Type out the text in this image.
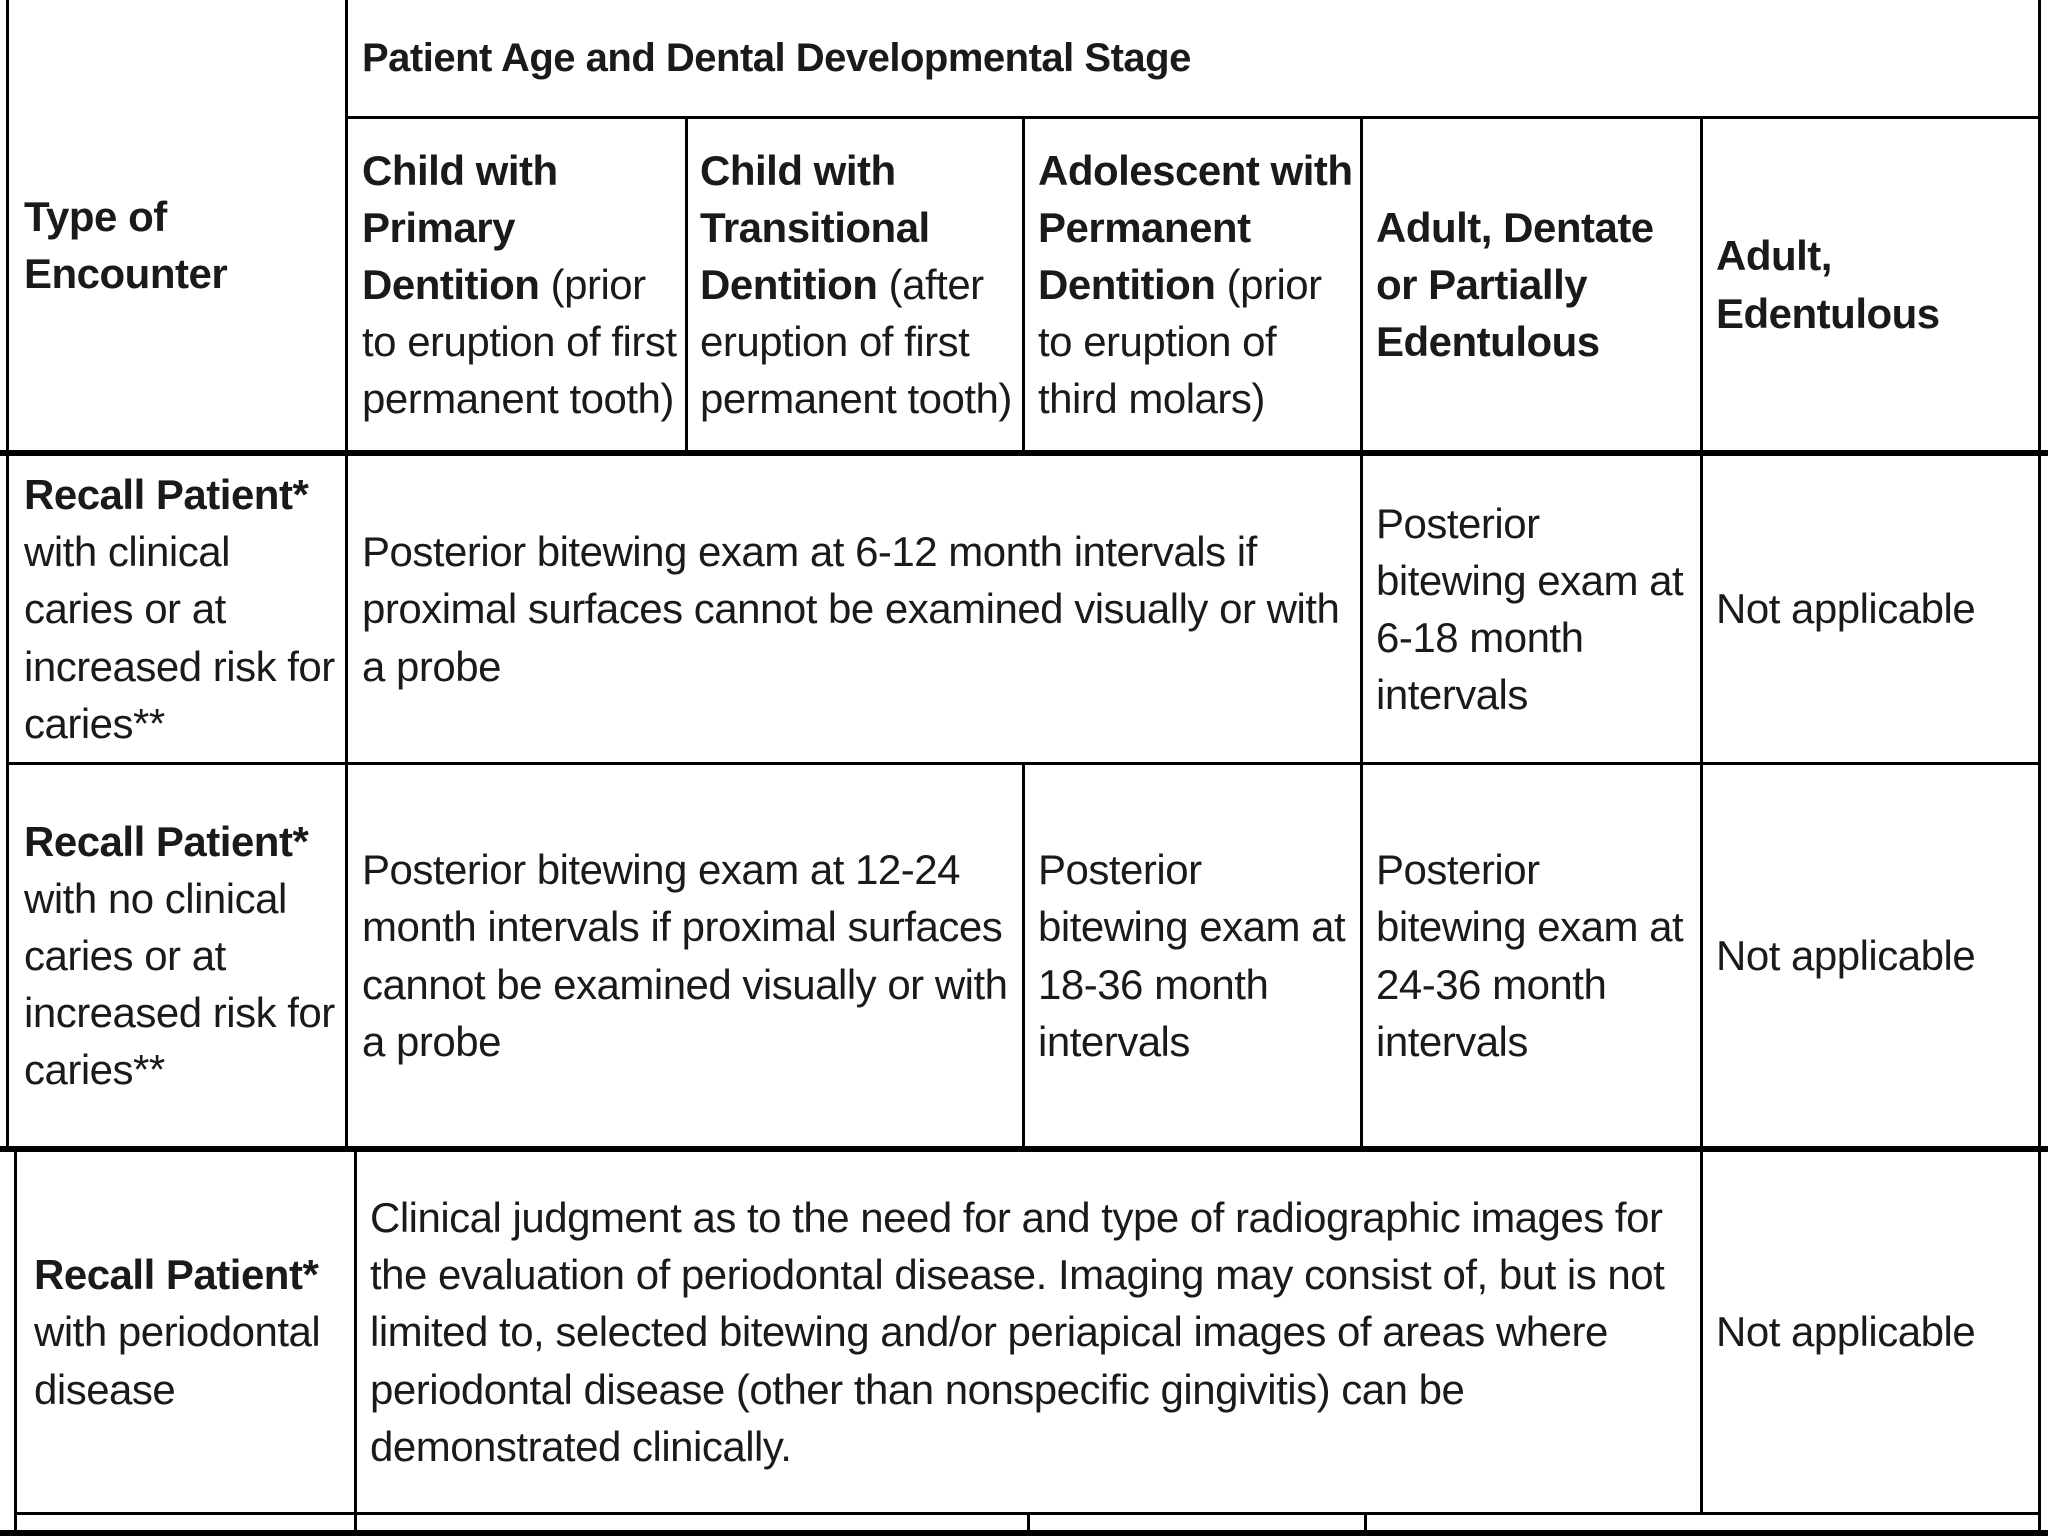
Type of
Encounter
Patient Age and Dental Developmental Stage
Child with Primary Dentition (prior to eruption of first permanent tooth)
Child with Transitional Dentition (after eruption of first permanent tooth)
Adolescent with Permanent Dentition (prior to eruption of third molars)
Adult, Dentate or Partially Edentulous
Adult, Edentulous
Recall Patient* with clinical caries or at increased risk for caries**
Posterior bitewing exam at 6-12 month intervals if proximal surfaces cannot be examined visually or with a probe
Posterior bitewing exam at 6-18 month intervals
Not applicable
Recall Patient* with no clinical caries or at increased risk for caries**
Posterior bitewing exam at 12-24 month intervals if proximal surfaces cannot be examined visually or with a probe
Posterior bitewing exam at 18-36 month intervals
Posterior bitewing exam at 24-36 month intervals
Not applicable
Recall Patient* with periodontal disease
Clinical judgment as to the need for and type of radiographic images for the evaluation of periodontal disease. Imaging may consist of, but is not limited to, selected bitewing and/or periapical images of areas where periodontal disease (other than nonspecific gingivitis) can be demonstrated clinically.
Not applicable
